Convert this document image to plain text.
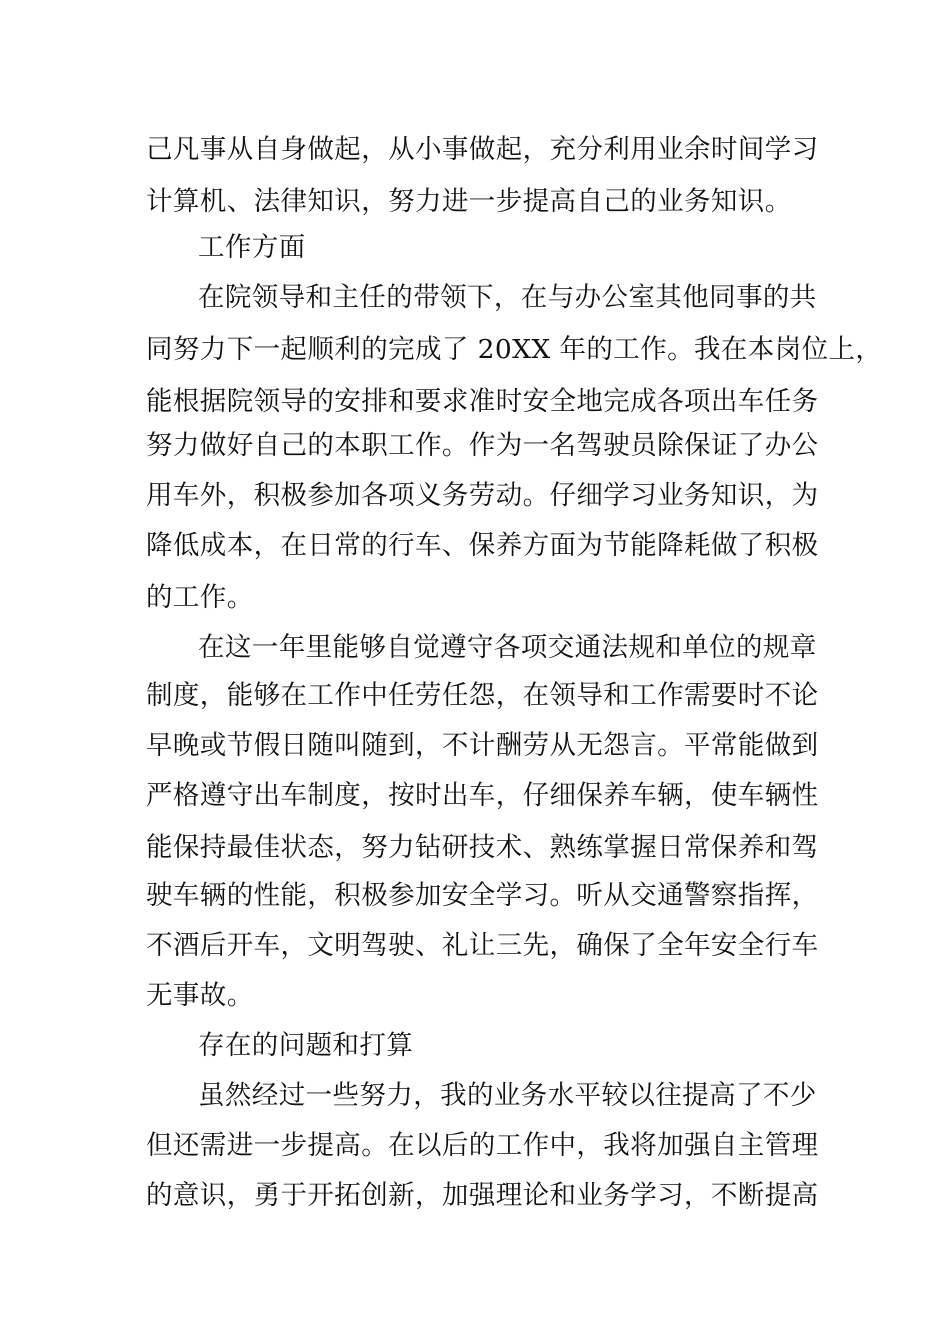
己凡事从自身做起，从小事做起，充分利用业余时间学习
计算机、法律知识，努力进一步提高自己的业务知识。
工作方面
在院领导和主任的带领下，在与办公室其他同事的共
同努力下一起顺利的完成了 20XX 年的工作。我在本岗位上，
能根据院领导的安排和要求准时安全地完成各项出车任务
努力做好自己的本职工作。作为一名驾驶员除保证了办公
用车外，积极参加各项义务劳动。仔细学习业务知识，为
降低成本，在日常的行车、保养方面为节能降耗做了积极
的工作。
在这一年里能够自觉遵守各项交通法规和单位的规章
制度，能够在工作中任劳任怨，在领导和工作需要时不论
早晚或节假日随叫随到，不计酬劳从无怨言。平常能做到
严格遵守出车制度，按时出车，仔细保养车辆，使车辆性
能保持最佳状态，努力钻研技术、熟练掌握日常保养和驾
驶车辆的性能，积极参加安全学习。听从交通警察指挥，
不酒后开车，文明驾驶、礼让三先，确保了全年安全行车
无事故。
存在的问题和打算
虽然经过一些努力，我的业务水平较以往提高了不少
但还需进一步提高。在以后的工作中，我将加强自主管理
的意识，勇于开拓创新，加强理论和业务学习，不断提高
